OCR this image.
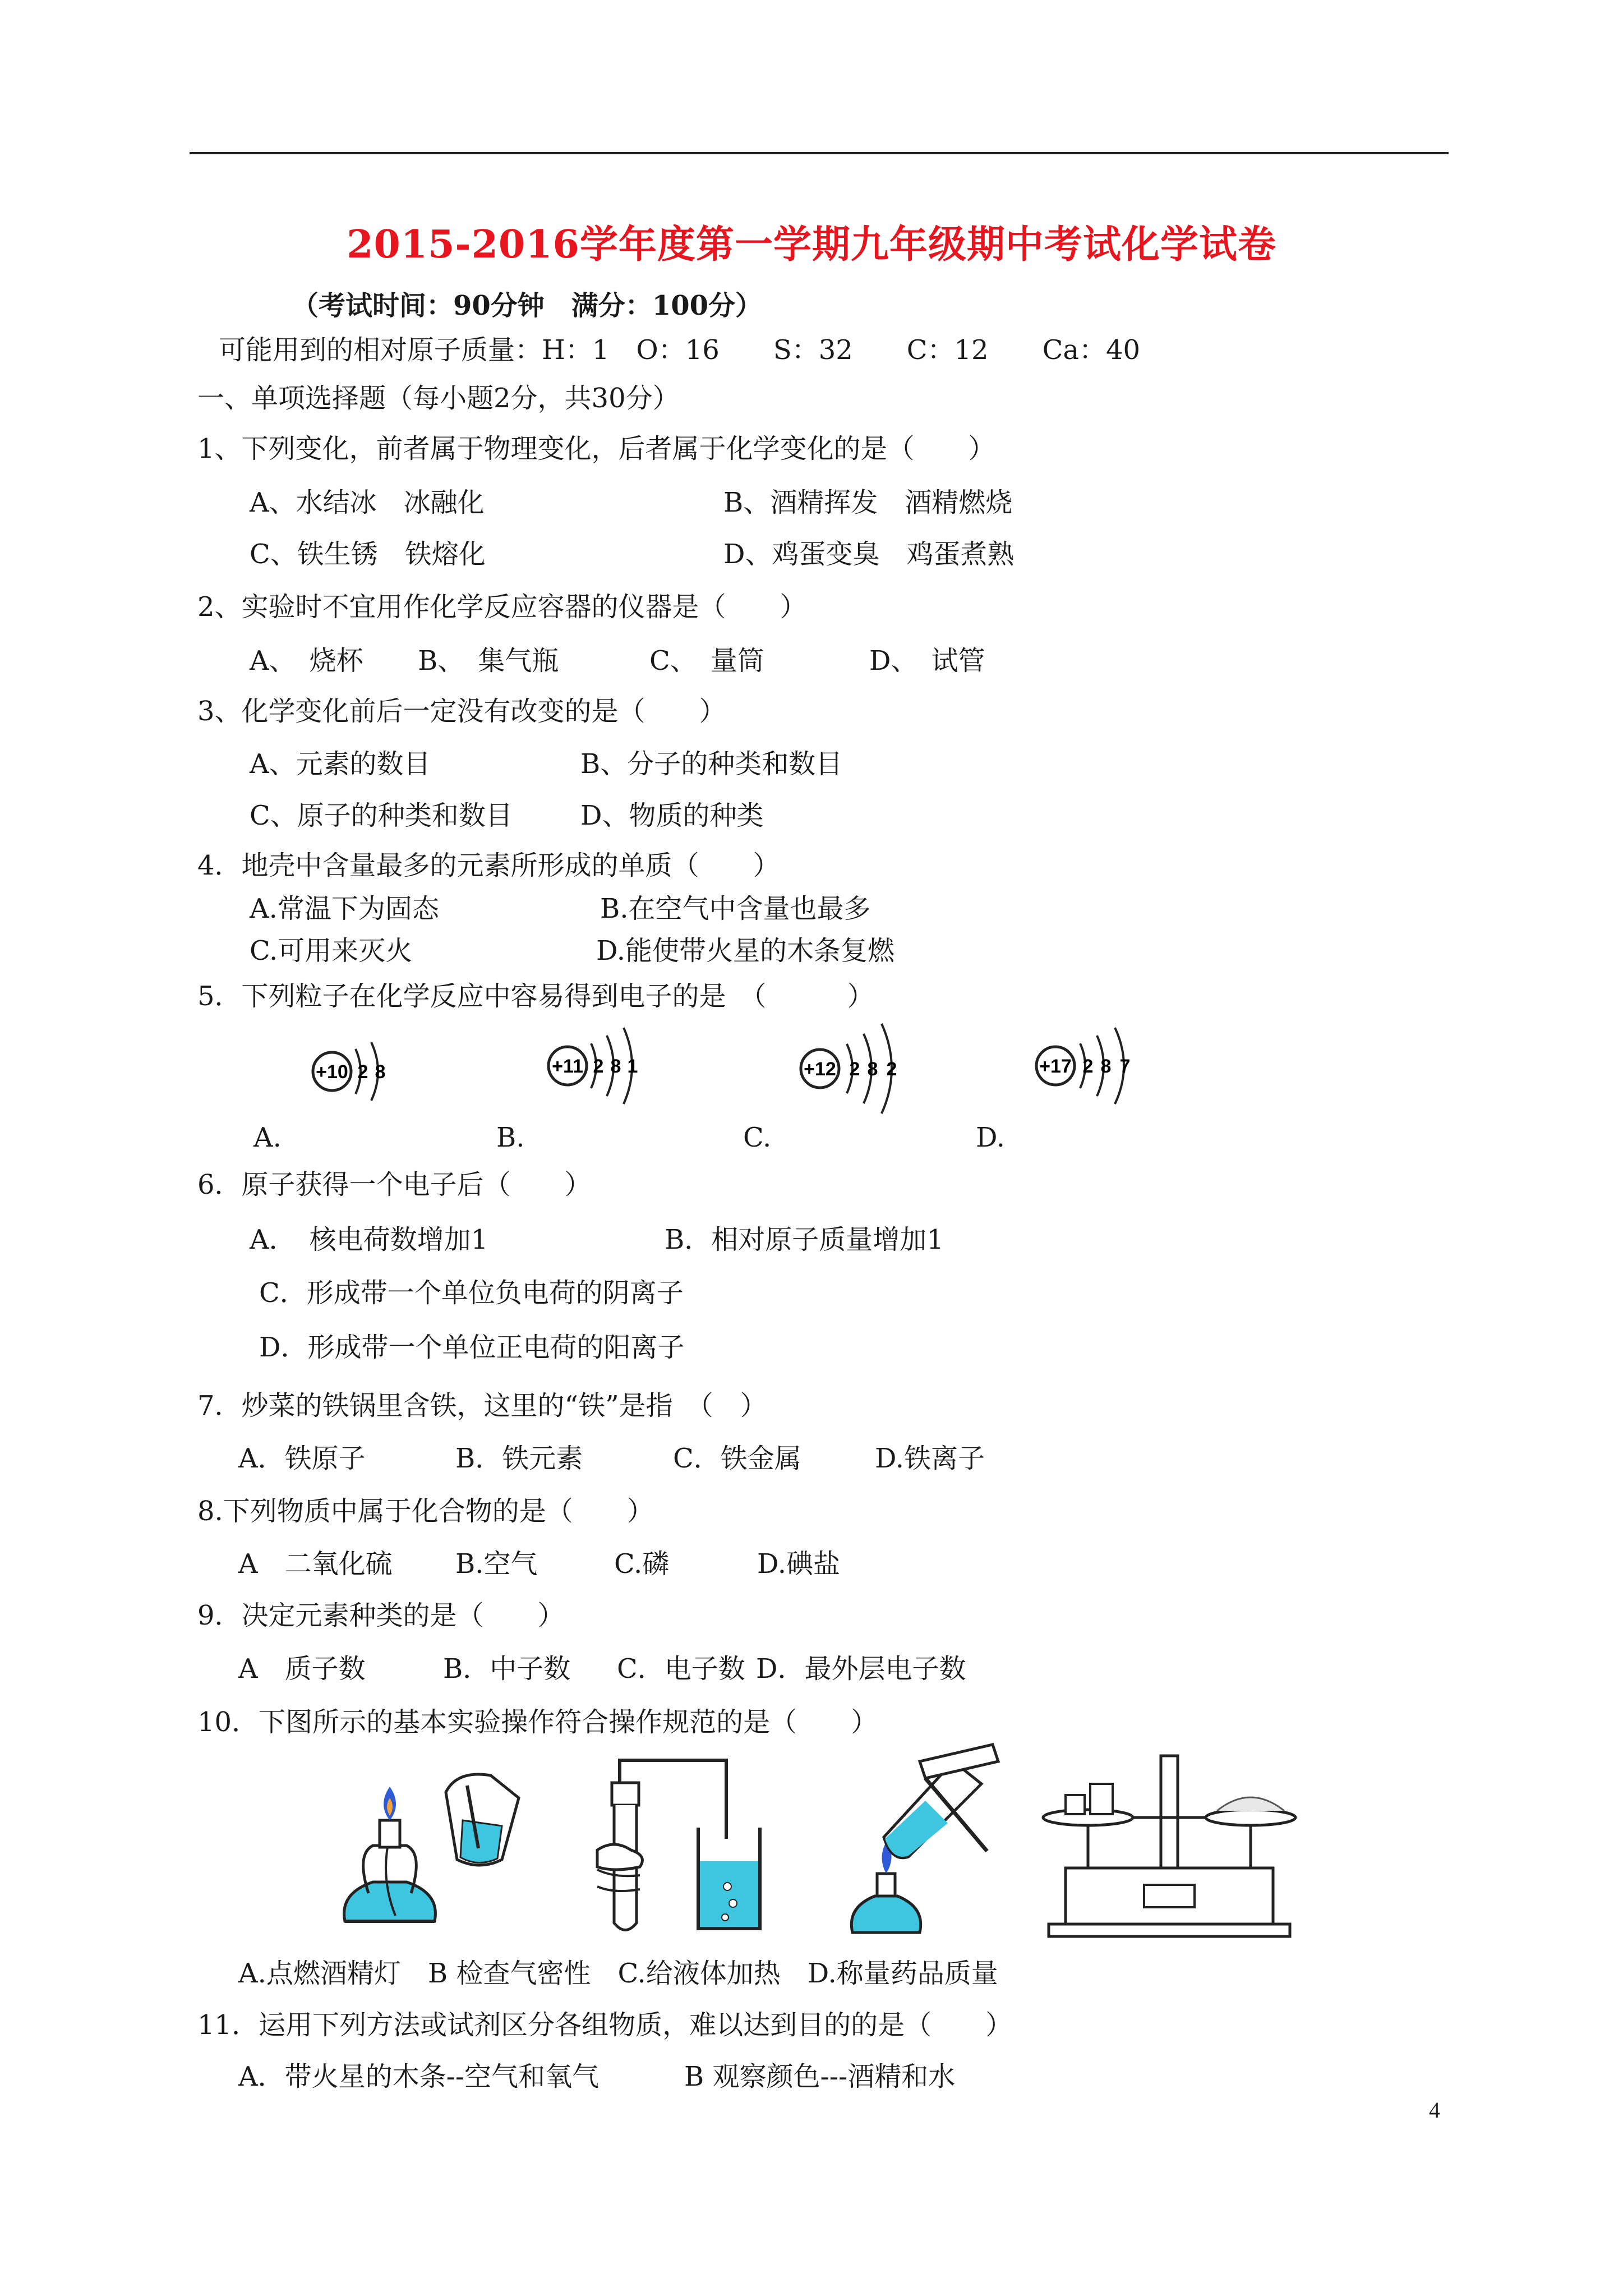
2015-2016学年度第一学期九年级期中考试化学试卷
（考试时间：90分钟　满分：100分）
可能用到的相对原子质量：H：1　O：16　　S：32　　C：12　　Ca：40
一、单项选择题（每小题2分，共30分）
1、下列变化，前者属于物理变化，后者属于化学变化的是（　　）
A、水结冰　冰融化	B、酒精挥发　酒精燃烧
C、铁生锈　铁熔化	D、鸡蛋变臭　鸡蛋煮熟
2、实验时不宜用作化学反应容器的仪器是（　　）
A、　烧杯 B、　集气瓶	C、　量筒	D、　试管
3、化学变化前后一定没有改变的是（　　）
A、元素的数目	B、分子的种类和数目
C、原子的种类和数目	D、物质的种类
4．地壳中含量最多的元素所形成的单质（　　）
A.常温下为固态	B.在空气中含量也最多
C.可用来灭火	D.能使带火星的木条复燃
5．下列粒子在化学反应中容易得到电子的是　（　　　）
+10 2 8	+11 2 8 1	+12 2 8 2	+17 2 8 7
A.	B.	C.	D.
6．原子获得一个电子后（　　）
A．　核电荷数增加1	B．相对原子质量增加1
C．形成带一个单位负电荷的阴离子
D．形成带一个单位正电荷的阳离子
7．炒菜的铁锅里含铁，这里的“铁”是指　（　）
A．铁原子	B．铁元素	C．铁金属	D.铁离子
8.下列物质中属于化合物的是（　　）
A　二氧化硫 B.空气	C.磷	D.碘盐
9．决定元素种类的是（　　）
A　质子数	B．中子数 C．电子数 D．最外层电子数
10．下图所示的基本实验操作符合操作规范的是（　　）
A.点燃酒精灯　B 检查气密性　C.给液体加热　D.称量药品质量
11．运用下列方法或试剂区分各组物质，难以达到目的的是（　　）
A．带火星的木条--空气和氧气	B 观察颜色---酒精和水
4
